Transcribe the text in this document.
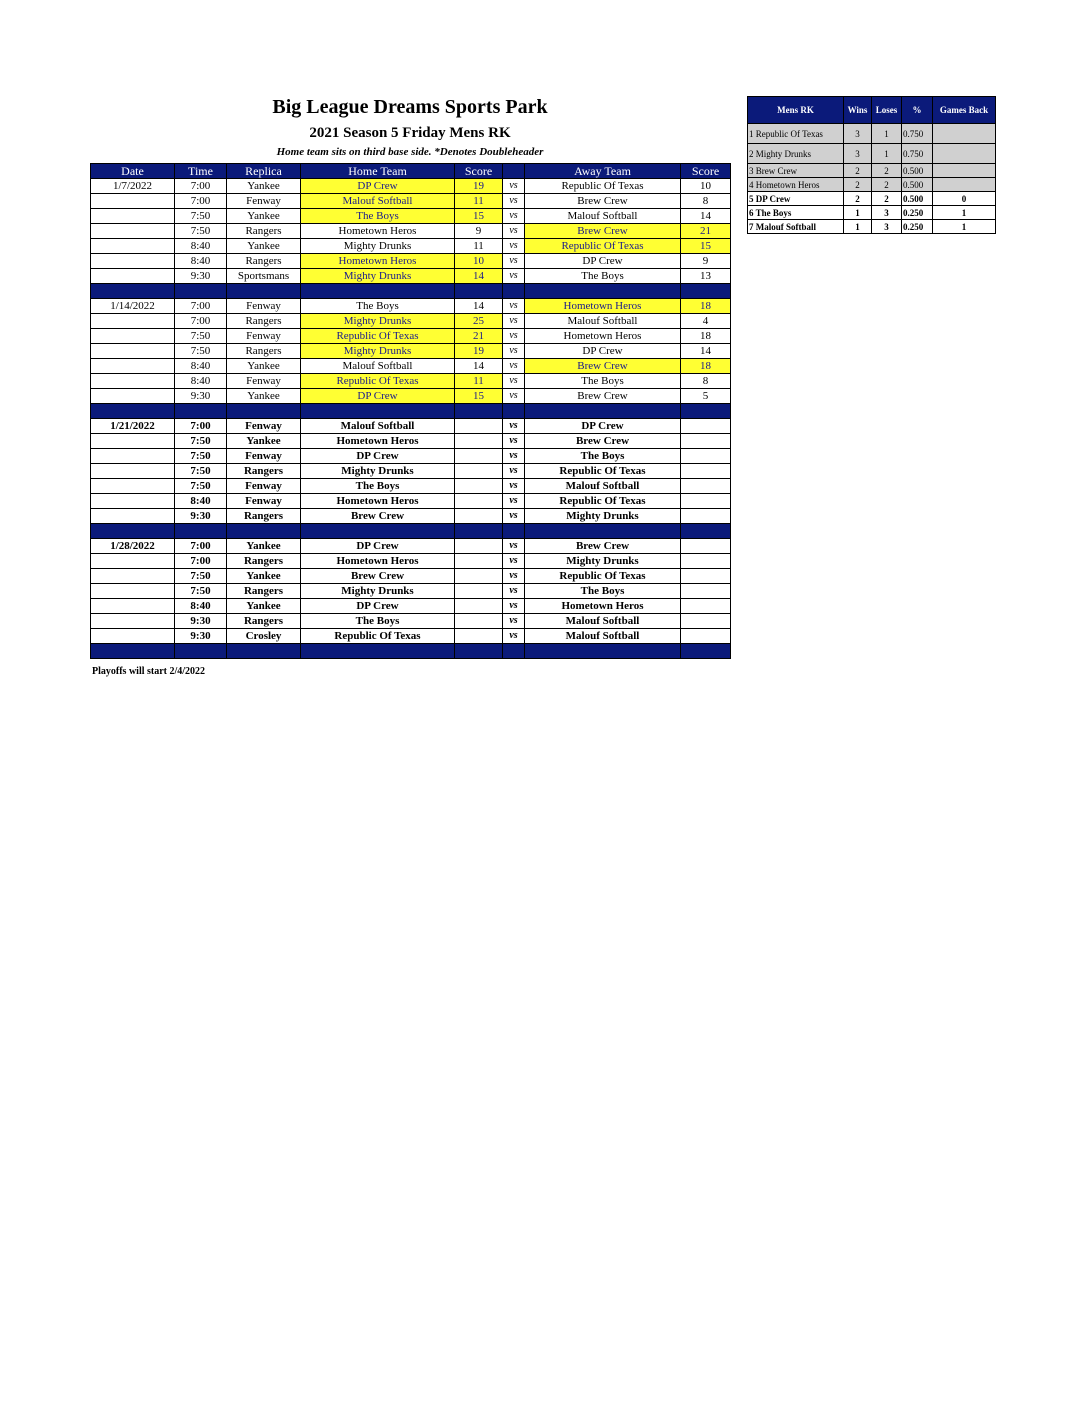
Big League Dreams Sports Park
2021 Season 5 Friday Mens RK
Home team sits on third base side. *Denotes Doubleheader
Date	Time	Replica	Home Team	Score		Away Team	Score
1/7/2022	7:00	Yankee	DP Crew	19	vs	Republic Of Texas	10
	7:00	Fenway	Malouf Softball	11	vs	Brew Crew	8
	7:50	Yankee	The Boys	15	vs	Malouf Softball	14
	7:50	Rangers	Hometown Heros	9	vs	Brew Crew	21
	8:40	Yankee	Mighty Drunks	11	vs	Republic Of Texas	15
	8:40	Rangers	Hometown Heros	10	vs	DP Crew	9
	9:30	Sportsmans	Mighty Drunks	14	vs	The Boys	13

1/14/2022	7:00	Fenway	The Boys	14	vs	Hometown Heros	18
	7:00	Rangers	Mighty Drunks	25	vs	Malouf Softball	4
	7:50	Fenway	Republic Of Texas	21	vs	Hometown Heros	18
	7:50	Rangers	Mighty Drunks	19	vs	DP Crew	14
	8:40	Yankee	Malouf Softball	14	vs	Brew Crew	18
	8:40	Fenway	Republic Of Texas	11	vs	The Boys	8
	9:30	Yankee	DP Crew	15	vs	Brew Crew	5

1/21/2022	7:00	Fenway	Malouf Softball		vs	DP Crew	
	7:50	Yankee	Hometown Heros		vs	Brew Crew	
	7:50	Fenway	DP Crew		vs	The Boys	
	7:50	Rangers	Mighty Drunks		vs	Republic Of Texas	
	7:50	Fenway	The Boys		vs	Malouf Softball	
	8:40	Fenway	Hometown Heros		vs	Republic Of Texas	
	9:30	Rangers	Brew Crew		vs	Mighty Drunks	

1/28/2022	7:00	Yankee	DP Crew		vs	Brew Crew	
	7:00	Rangers	Hometown Heros		vs	Mighty Drunks	
	7:50	Yankee	Brew Crew		vs	Republic Of Texas	
	7:50	Rangers	Mighty Drunks		vs	The Boys	
	8:40	Yankee	DP Crew		vs	Hometown Heros	
	9:30	Rangers	The Boys		vs	Malouf Softball	
	9:30	Crosley	Republic Of Texas		vs	Malouf Softball	

Mens RK	Wins	Loses	%	Games Back
1 Republic Of Texas	3	1	0.750	
2 Mighty Drunks	3	1	0.750	
3 Brew Crew	2	2	0.500	
4 Hometown Heros	2	2	0.500	
5 DP Crew	2	2	0.500	0
6 The Boys	1	3	0.250	1
7 Malouf Softball	1	3	0.250	1
Playoffs will start 2/4/2022
